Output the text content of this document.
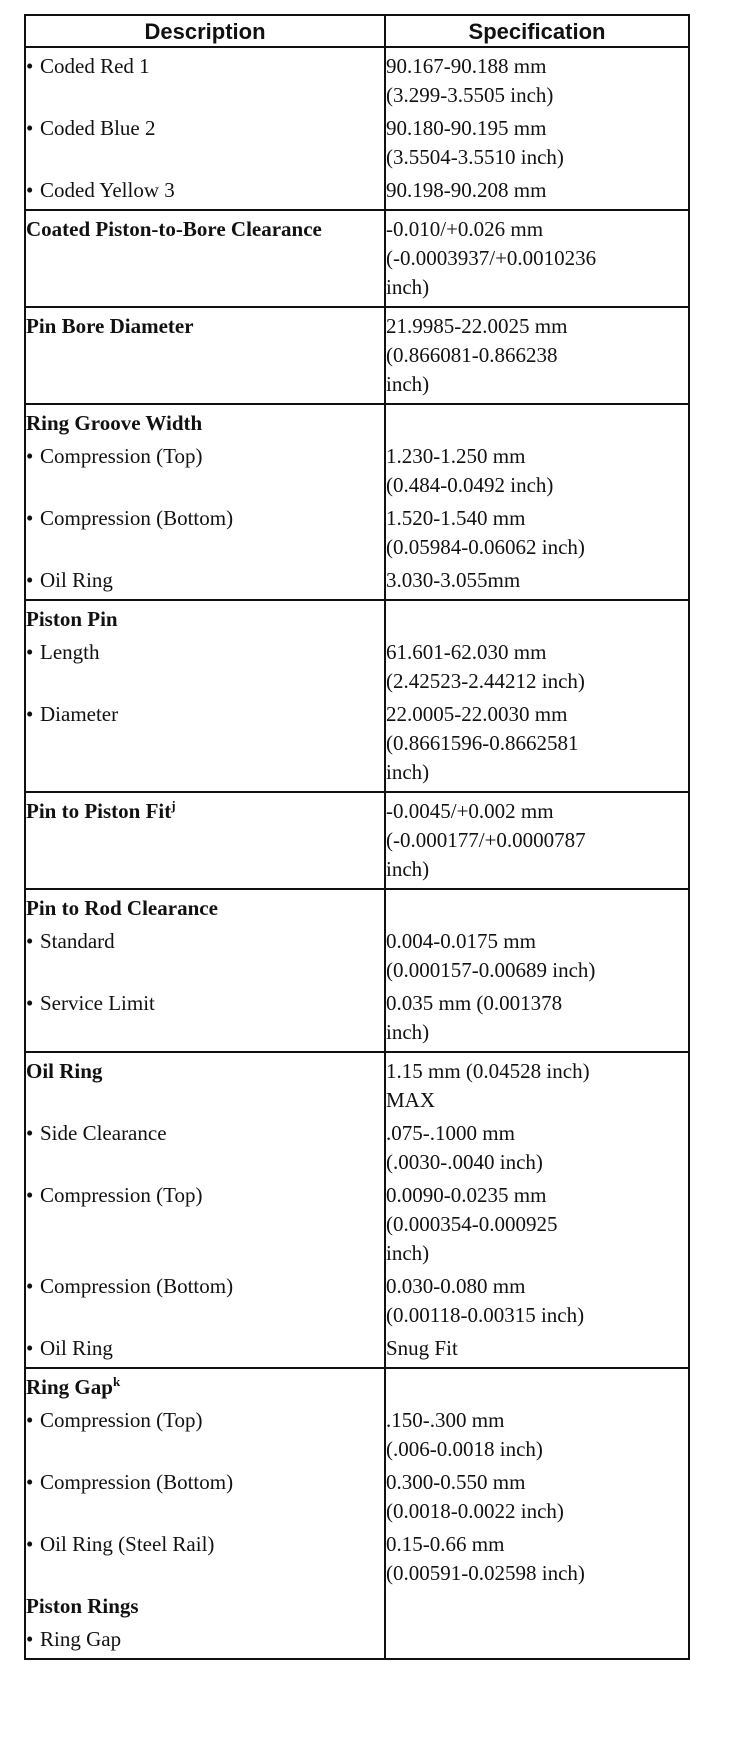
Description	Specification
• Coded Red 1	90.167-90.188 mm
(3.299-3.5505 inch)

• Coded Blue 2	90.180-90.195 mm
(3.5504-3.5510 inch)

• Coded Yellow 3	90.198-90.208 mm

Coated Piston-to-Bore Clearance	-0.010/+0.026 mm
(-0.0003937/+0.0010236
inch)

Pin Bore Diameter	21.9985-22.0025 mm
(0.866081-0.866238
inch)

Ring Groove Width	
• Compression (Top)	1.230-1.250 mm
(0.484-0.0492 inch)

• Compression (Bottom)	1.520-1.540 mm
(0.05984-0.06062 inch)

• Oil Ring	3.030-3.055mm

Piston Pin	
• Length	61.601-62.030 mm
(2.42523-2.44212 inch)

• Diameter	22.0005-22.0030 mm
(0.8661596-0.8662581
inch)

Pin to Piston Fit$^j$	-0.0045/+0.002 mm
(-0.000177/+0.0000787
inch)

Pin to Rod Clearance	
• Standard	0.004-0.0175 mm
(0.000157-0.00689 inch)

• Service Limit	0.035 mm (0.001378
inch)

Oil Ring	1.15 mm (0.04528 inch)
MAX

• Side Clearance	.075-.1000 mm
(.0030-.0040 inch)

• Compression (Top)	0.0090-0.0235 mm
(0.000354-0.000925
inch)

• Compression (Bottom)	0.030-0.080 mm
(0.00118-0.00315 inch)

• Oil Ring	Snug Fit

Ring Gap$^k$	
• Compression (Top)	.150-.300 mm
(.006-0.0018 inch)

• Compression (Bottom)	0.300-0.550 mm
(0.0018-0.0022 inch)

• Oil Ring (Steel Rail)	0.15-0.66 mm
(0.00591-0.02598 inch)

Piston Rings	
• Ring Gap	
